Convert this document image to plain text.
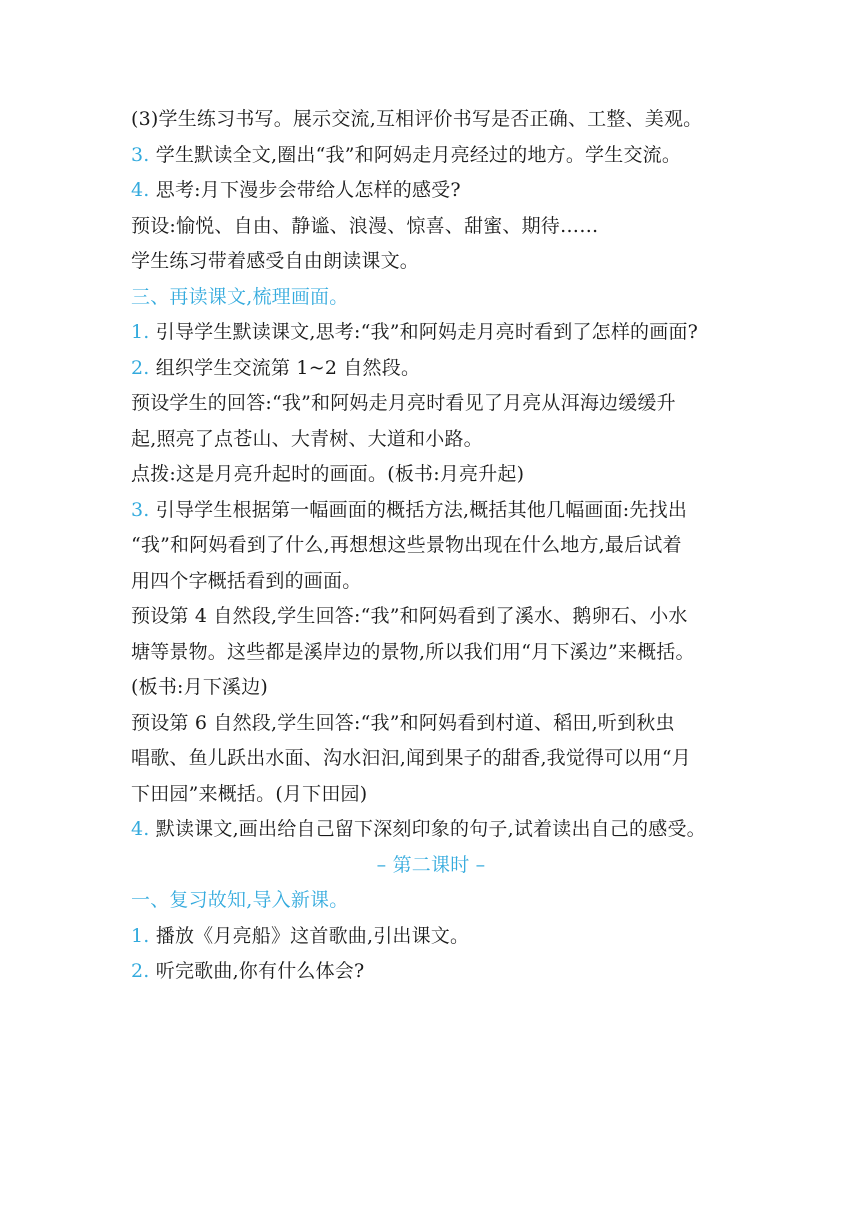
(3)学生练习书写。展示交流,互相评价书写是否正确、工整、美观。
3. 学生默读全文,圈出“我”和阿妈走月亮经过的地方。学生交流。
4. 思考:月下漫步会带给人怎样的感受?
预设:愉悦、自由、静谧、浪漫、惊喜、甜蜜、期待……
学生练习带着感受自由朗读课文。
三、再读课文,梳理画面。
1. 引导学生默读课文,思考:“我”和阿妈走月亮时看到了怎样的画面?
2. 组织学生交流第 1~2 自然段。
预设学生的回答:“我”和阿妈走月亮时看见了月亮从洱海边缓缓升
起,照亮了点苍山、大青树、大道和小路。
点拨:这是月亮升起时的画面。(板书:月亮升起)
3. 引导学生根据第一幅画面的概括方法,概括其他几幅画面:先找出
“我”和阿妈看到了什么,再想想这些景物出现在什么地方,最后试着
用四个字概括看到的画面。
预设第 4 自然段,学生回答:“我”和阿妈看到了溪水、鹅卵石、小水
塘等景物。这些都是溪岸边的景物,所以我们用“月下溪边”来概括。
(板书:月下溪边)
预设第 6 自然段,学生回答:“我”和阿妈看到村道、稻田,听到秋虫
唱歌、鱼儿跃出水面、沟水汩汩,闻到果子的甜香,我觉得可以用“月
下田园”来概括。(月下田园)
4. 默读课文,画出给自己留下深刻印象的句子,试着读出自己的感受。
– 第二课时 –
一、复习故知,导入新课。
1. 播放《月亮船》这首歌曲,引出课文。
2. 听完歌曲,你有什么体会?
